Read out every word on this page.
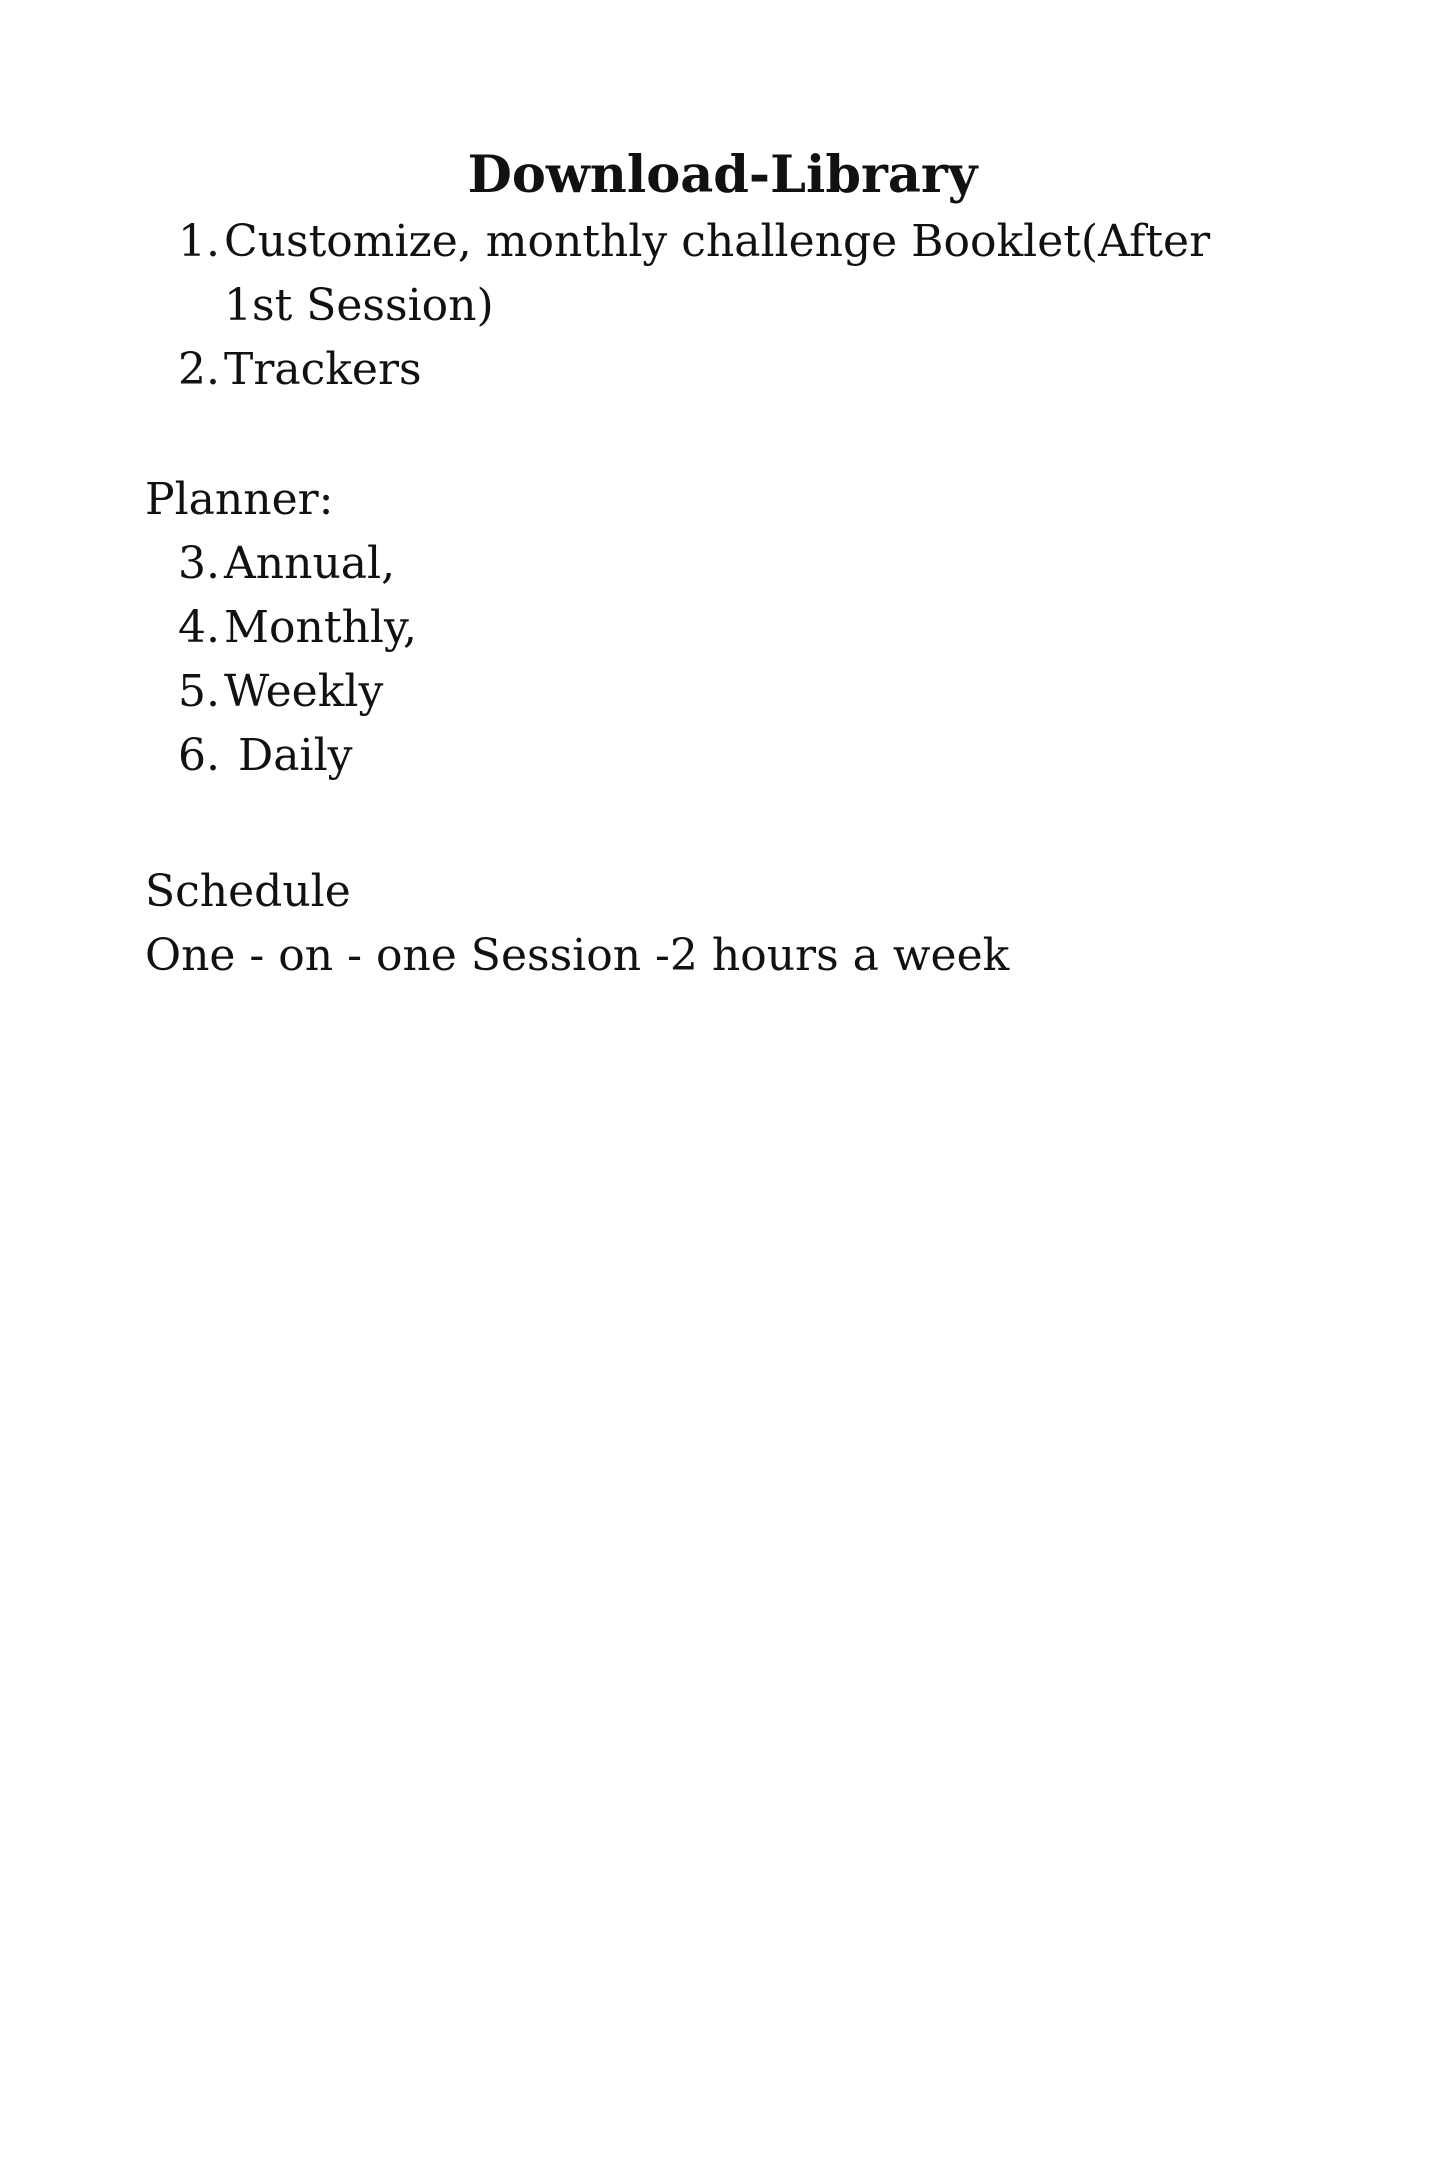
Download-Library
1. Customize, monthly challenge Booklet(After 1st Session)
2. Trackers

Planner:

3. Annual,
4. Monthly,
5. Weekly
6. Daily

Schedule

One - on - one Session -2 hours a week
